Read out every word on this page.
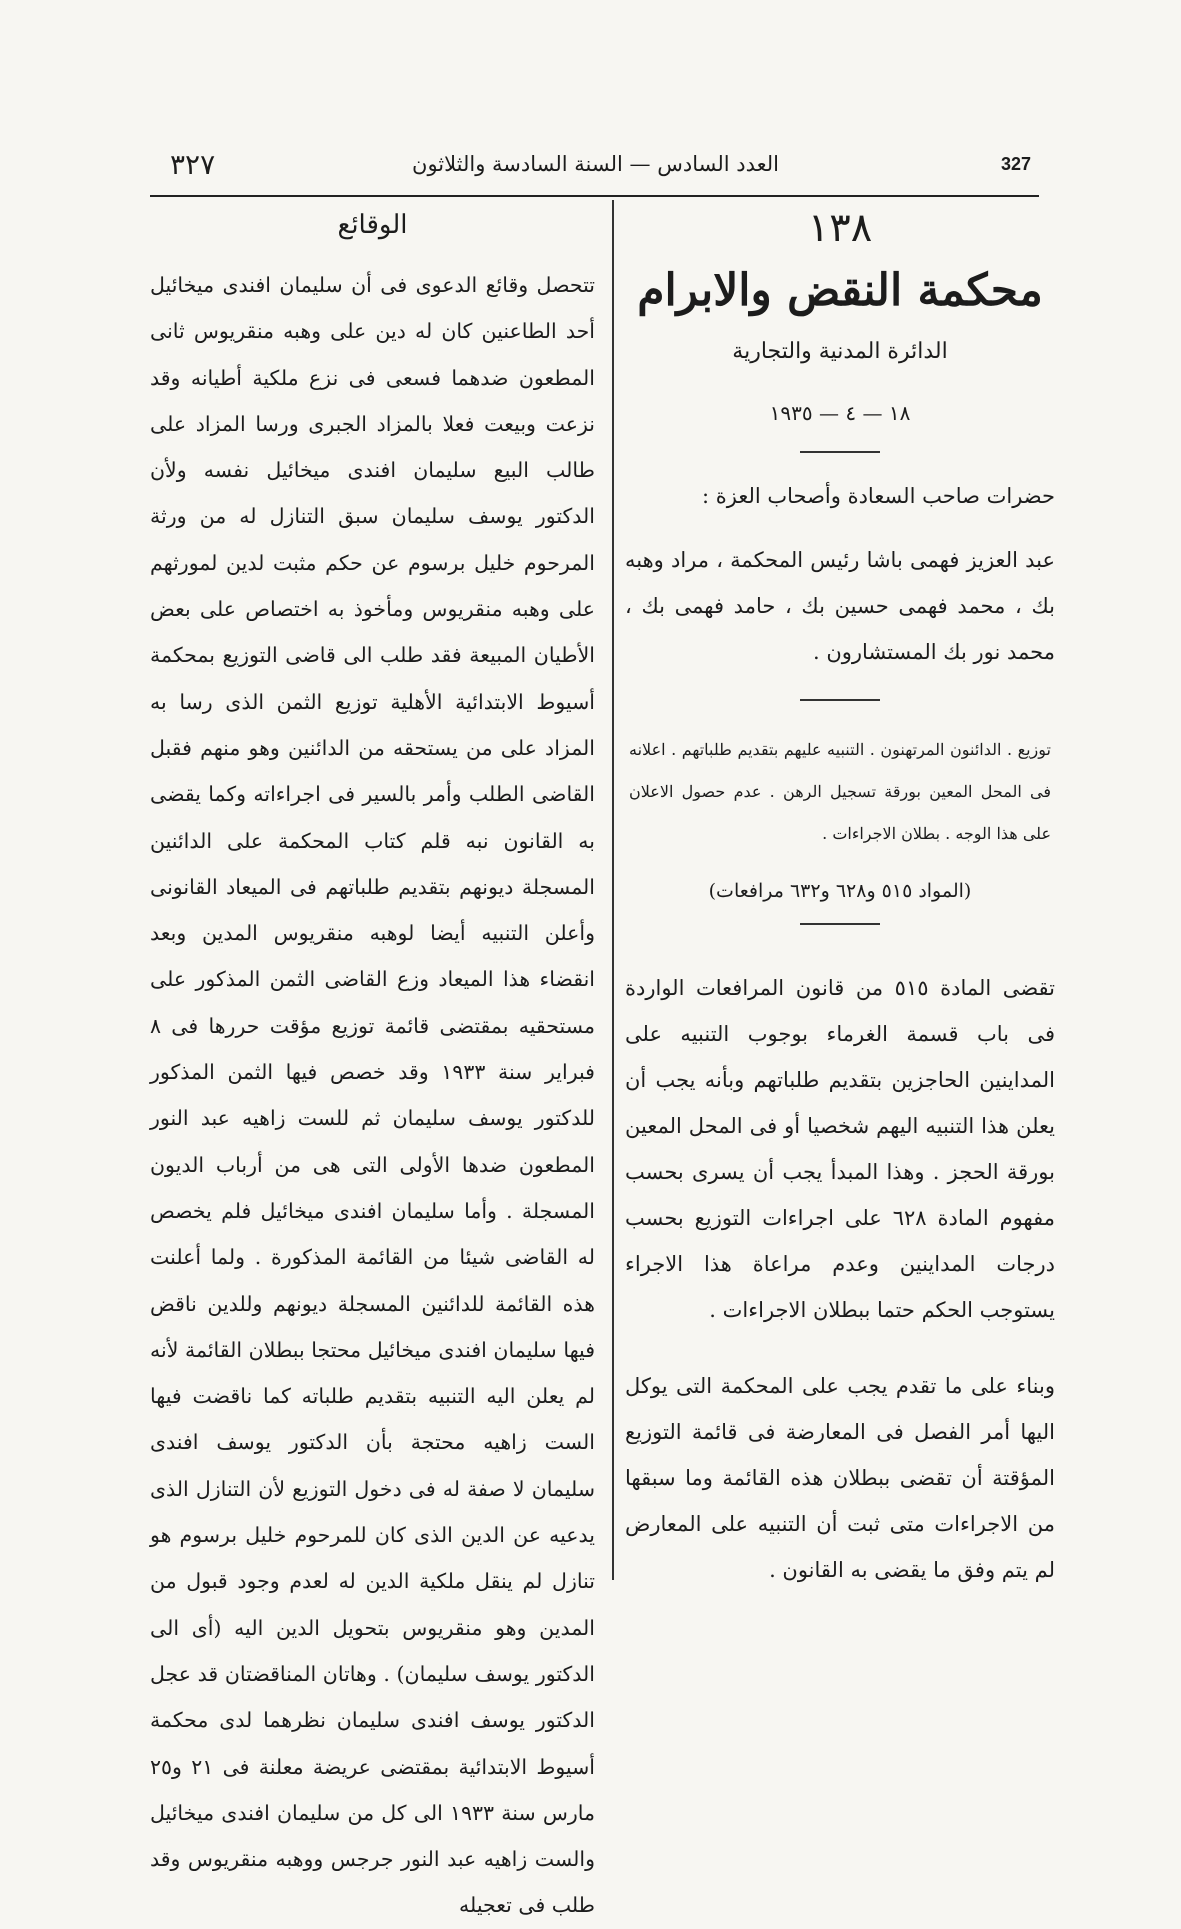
٣٢٧	العدد السادس — السنة السادسة والثلاثون	327
١٣٨
محكمة النقض والابرام
الدائرة المدنية والتجارية
١٨ — ٤ — ١٩٣٥
حضرات صاحب السعادة وأصحاب العزة :
عبد العزيز فهمى باشا رئيس المحكمة ، مراد وهبه بك ، محمد فهمى حسين بك ، حامد فهمى بك ، محمد نور بك المستشارون .
توزيع . الدائنون المرتهنون . التنبيه عليهم بتقديم طلباتهم . اعلانه فى المحل المعين بورقة تسجيل الرهن . عدم حصول الاعلان على هذا الوجه . بطلان الاجراءات .
(المواد ٥١٥ و٦٢٨ و٦٣٢ مرافعات)
تقضى المادة ٥١٥ من قانون المرافعات الواردة فى باب قسمة الغرماء بوجوب التنبيه على المداينين الحاجزين بتقديم طلباتهم وبأنه يجب أن يعلن هذا التنبيه اليهم شخصيا أو فى المحل المعين بورقة الحجز . وهذا المبدأ يجب أن يسرى بحسب مفهوم المادة ٦٢٨ على اجراءات التوزيع بحسب درجات المداينين وعدم مراعاة هذا الاجراء يستوجب الحكم حتما ببطلان الاجراءات .
وبناء على ما تقدم يجب على المحكمة التى يوكل اليها أمر الفصل فى المعارضة فى قائمة التوزيع المؤقتة أن تقضى ببطلان هذه القائمة وما سبقها من الاجراءات متى ثبت أن التنبيه على المعارض لم يتم وفق ما يقضى به القانون .
الوقائع
تتحصل وقائع الدعوى فى أن سليمان افندى ميخائيل أحد الطاعنين كان له دين على وهبه منقريوس ثانى المطعون ضدهما فسعى فى نزع ملكية أطيانه وقد نزعت وبيعت فعلا بالمزاد الجبرى ورسا المزاد على طالب البيع سليمان افندى ميخائيل نفسه ولأن الدكتور يوسف سليمان سبق التنازل له من ورثة المرحوم خليل برسوم عن حكم مثبت لدين لمورثهم على وهبه منقريوس ومأخوذ به اختصاص على بعض الأطيان المبيعة فقد طلب الى قاضى التوزيع بمحكمة أسيوط الابتدائية الأهلية توزيع الثمن الذى رسا به المزاد على من يستحقه من الدائنين وهو منهم فقبل القاضى الطلب وأمر بالسير فى اجراءاته وكما يقضى به القانون نبه قلم كتاب المحكمة على الدائنين المسجلة ديونهم بتقديم طلباتهم فى الميعاد القانونى وأعلن التنبيه أيضا لوهبه منقريوس المدين وبعد انقضاء هذا الميعاد وزع القاضى الثمن المذكور على مستحقيه بمقتضى قائمة توزيع مؤقت حررها فى ٨ فبراير سنة ١٩٣٣ وقد خصص فيها الثمن المذكور للدكتور يوسف سليمان ثم للست زاهيه عبد النور المطعون ضدها الأولى التى هى من أرباب الديون المسجلة . وأما سليمان افندى ميخائيل فلم يخصص له القاضى شيئا من القائمة المذكورة . ولما أعلنت هذه القائمة للدائنين المسجلة ديونهم وللدين ناقض فيها سليمان افندى ميخائيل محتجا ببطلان القائمة لأنه لم يعلن اليه التنبيه بتقديم طلباته كما ناقضت فيها الست زاهيه محتجة بأن الدكتور يوسف افندى سليمان لا صفة له فى دخول التوزيع لأن التنازل الذى يدعيه عن الدين الذى كان للمرحوم خليل برسوم هو تنازل لم ينقل ملكية الدين له لعدم وجود قبول من المدين وهو منقريوس بتحويل الدين اليه (أى الى الدكتور يوسف سليمان) . وهاتان المناقضتان قد عجل الدكتور يوسف افندى سليمان نظرهما لدى محكمة أسيوط الابتدائية بمقتضى عريضة معلنة فى ٢١ و٢٥ مارس سنة ١٩٣٣ الى كل من سليمان افندى ميخائيل والست زاهيه عبد النور جرجس ووهبه منقريوس وقد طلب فى تعجيله
